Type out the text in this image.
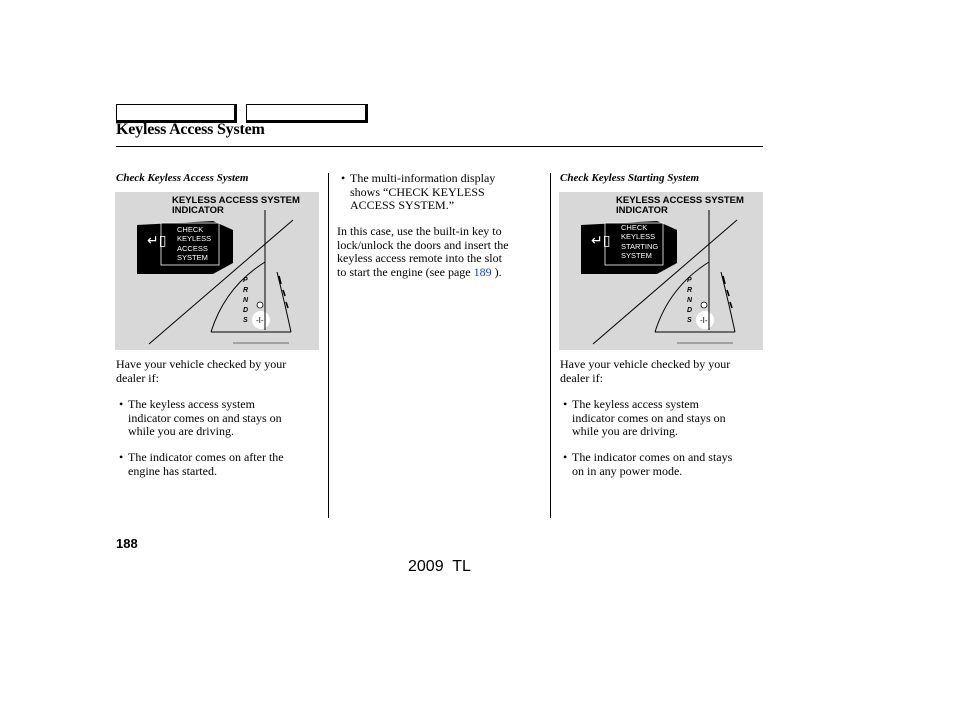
Keyless Access System
Check Keyless Access System
-I-
↵▯
CHECK
KEYLESS
ACCESS
SYSTEM
P
R
N
D
S
KEYLESS ACCESS SYSTEM
INDICATOR
Have your vehicle checked by your
dealer if:
• The keyless access system
indicator comes on and stays on
while you are driving.
• The indicator comes on after the
engine has started.
• The multi-information display
shows “CHECK KEYLESS
ACCESS SYSTEM.”
In this case, use the built-in key to
lock/unlock the doors and insert the
keyless access remote into the slot
to start the engine (see page 189 ).
Check Keyless Starting System
-I-
↵▯
CHECK
KEYLESS
STARTING
SYSTEM
P
R
N
D
S
KEYLESS ACCESS SYSTEM
INDICATOR
Have your vehicle checked by your
dealer if:
• The keyless access system
indicator comes on and stays on
while you are driving.
• The indicator comes on and stays
on in any power mode.
188
2009  TL
